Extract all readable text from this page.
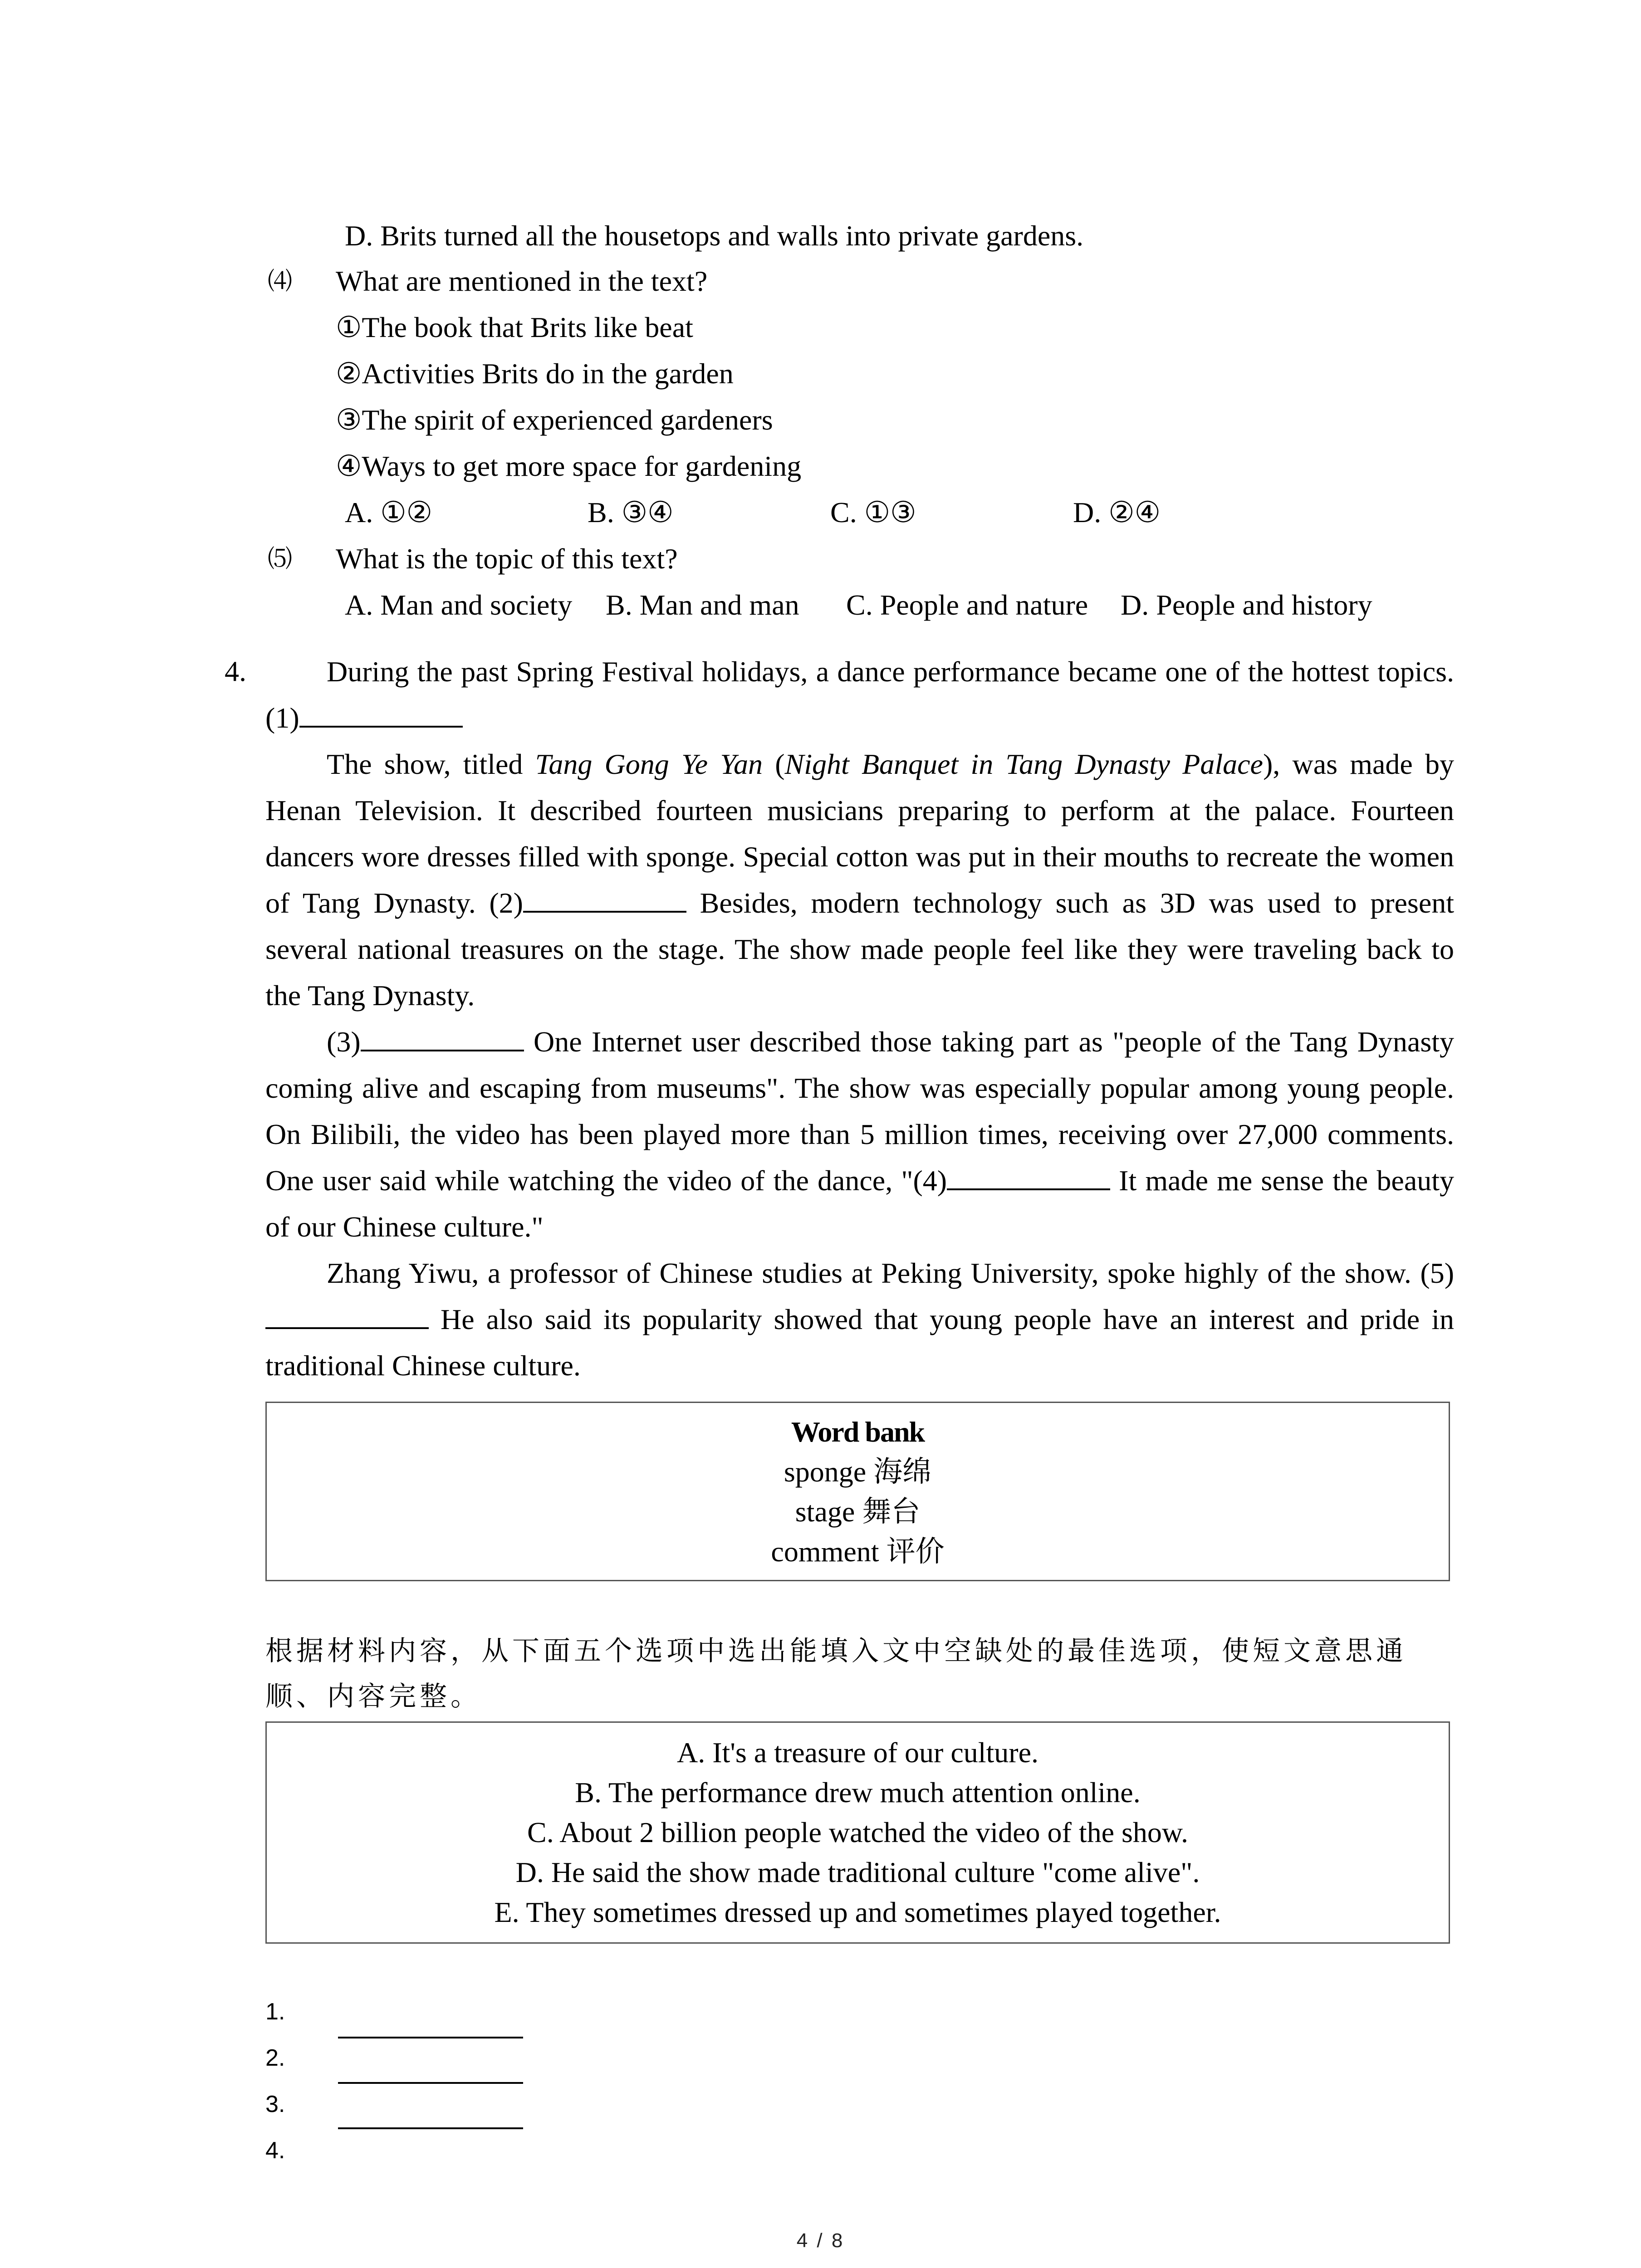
D. Brits turned all the housetops and walls into private gardens.
⑷ What are mentioned in the text?
①The book that Brits like beat
②Activities Brits do in the garden
③The spirit of experienced gardeners
④Ways to get more space for gardening
A. ①②	B. ③④	C. ①③	D. ②④
⑸ What is the topic of this text?
A. Man and society B. Man and man C. People and nature D. People and history
4.	During the past Spring Festival holidays, a dance performance became one of the hottest topics. (1)

The show, titled Tang Gong Ye Yan (Night Banquet in Tang Dynasty Palace), was made by Henan Television. It described fourteen musicians preparing to perform at the palace. Fourteen dancers wore dresses filled with sponge. Special cotton was put in their mouths to recreate the women of Tang Dynasty. (2)	Besides, modern technology such as 3D was used to present several national treasures on the stage. The show made people feel like they were traveling back to the Tang Dynasty.

(3)	One Internet user described those taking part as "people of the Tang Dynasty coming alive and escaping from museums". The show was especially popular among young people. On Bilibili, the video has been played more than 5 million times, receiving over 27,000 comments. One user said while watching the video of the dance, "(4)	It made me sense the beauty of our Chinese culture."

Zhang Yiwu, a professor of Chinese studies at Peking University, spoke highly of the show. (5) He also said its popularity showed that young people have an interest and pride in traditional Chinese culture.

Word bank
sponge 海绵
stage 舞台
comment 评价
根据材料内容，从下面五个选项中选出能填入文中空缺处的最佳选项，使短文意思通
顺、内容完整。
A. It's a treasure of our culture.
B. The performance drew much attention online.
C. About 2 billion people watched the video of the show.
D. He said the show made traditional culture "come alive".
E. They sometimes dressed up and sometimes played together.
1.
2.
3.
4.
4 / 8
